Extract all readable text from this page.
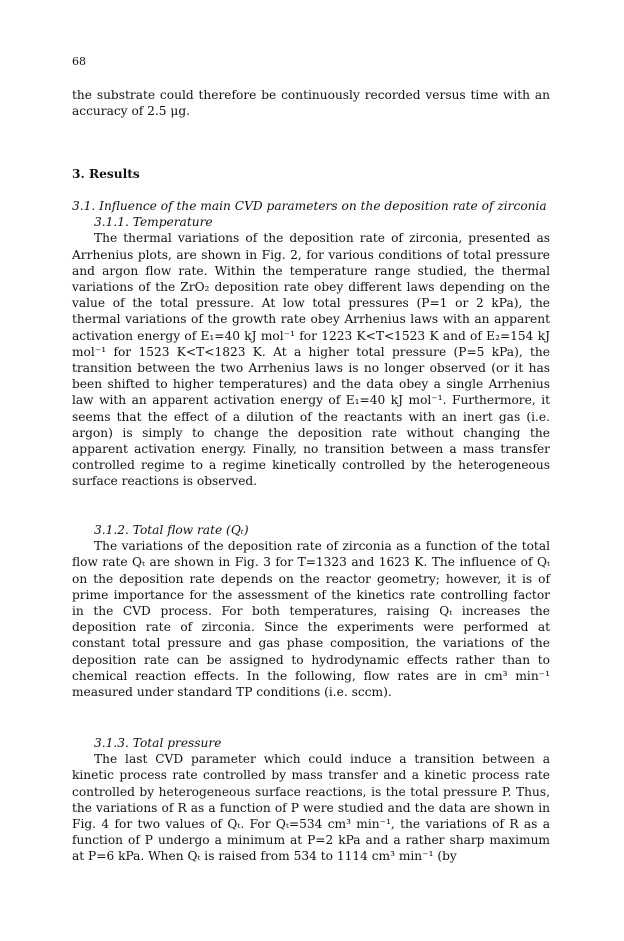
68

the substrate could therefore be continuously recorded versus time with an accuracy of 2.5 μg.

3. Results

3.1. Influence of the main CVD parameters on the deposition rate of zirconia

3.1.1. Temperature

The thermal variations of the deposition rate of zirconia, presented as Arrhenius plots, are shown in Fig. 2, for various conditions of total pressure and argon flow rate. Within the temperature range studied, the thermal variations of the ZrO₂ deposition rate obey different laws depending on the value of the total pressure. At low total pressures (P=1 or 2 kPa), the thermal variations of the growth rate obey Arrhenius laws with an apparent activation energy of E₁=40 kJ mol⁻¹ for 1223 K<T<1523 K and of E₂=154 kJ mol⁻¹ for 1523 K<T<1823 K. At a higher total pressure (P=5 kPa), the transition between the two Arrhenius laws is no longer observed (or it has been shifted to higher temperatures) and the data obey a single Arrhenius law with an apparent activation energy of E₁=40 kJ mol⁻¹. Furthermore, it seems that the effect of a dilution of the reactants with an inert gas (i.e. argon) is simply to change the deposition rate without changing the apparent activation energy. Finally, no transition between a mass transfer controlled regime to a regime kinetically controlled by the heterogeneous surface reactions is observed.

3.1.2. Total flow rate (Qₜ)

The variations of the deposition rate of zirconia as a function of the total flow rate Qₜ are shown in Fig. 3 for T=1323 and 1623 K. The influence of Qₜ on the deposition rate depends on the reactor geometry; however, it is of prime importance for the assessment of the kinetics rate controlling factor in the CVD process. For both temperatures, raising Qₜ increases the deposition rate of zirconia. Since the experiments were performed at constant total pressure and gas phase composition, the variations of the deposition rate can be assigned to hydrodynamic effects rather than to chemical reaction effects. In the following, flow rates are in cm³ min⁻¹ measured under standard TP conditions (i.e. sccm).

3.1.3. Total pressure

The last CVD parameter which could induce a transition between a kinetic process rate controlled by mass transfer and a kinetic process rate controlled by heterogeneous surface reactions, is the total pressure P. Thus, the variations of R as a function of P were studied and the data are shown in Fig. 4 for two values of Qₜ. For Qₜ=534 cm³ min⁻¹, the variations of R as a function of P undergo a minimum at P=2 kPa and a rather sharp maximum at P=6 kPa. When Qₜ is raised from 534 to 1114 cm³ min⁻¹ (by
